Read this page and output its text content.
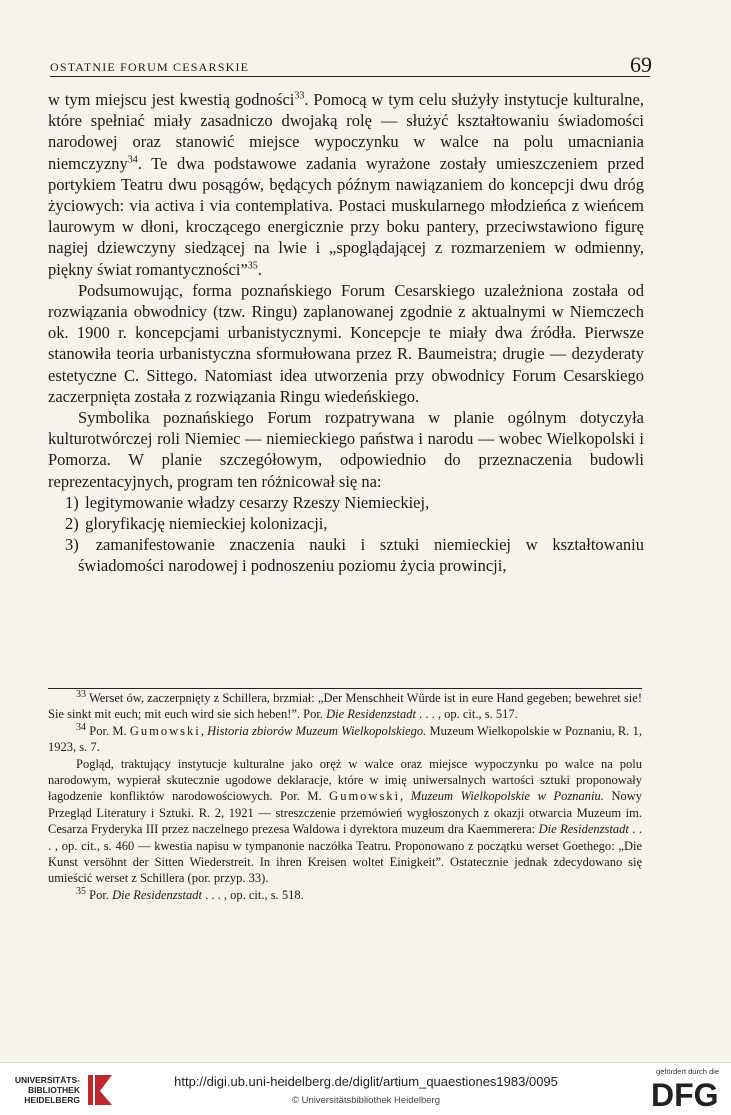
OSTATNIE FORUM CESARSKIE	69

w tym miejscu jest kwestią godności$^{33}$. Pomocą w tym celu służyły instytucje kulturalne, które spełniać miały zasadniczo dwojaką rolę — służyć kształtowaniu świadomości narodowej oraz stanowić miejsce wypoczynku w walce na polu umacniania niemczyzny$^{34}$. Te dwa podstawowe zadania wyrażone zostały umieszczeniem przed portykiem Teatru dwu posągów, będących późnym nawiązaniem do koncepcji dwu dróg życiowych: via activa i via contemplativa. Postaci muskularnego młodzieńca z wieńcem laurowym w dłoni, kroczącego energicznie przy boku pantery, przeciwstawiono figurę nagiej dziewczyny siedzącej na lwie i „spoglądającej z rozmarzeniem w odmienny, piękny świat romantyczności”$^{35}$.

Podsumowując, forma poznańskiego Forum Cesarskiego uzależniona została od rozwiązania obwodnicy (tzw. Ringu) zaplanowanej zgodnie z aktualnymi w Niemczech ok. 1900 r. koncepcjami urbanistycznymi. Koncepcje te miały dwa źródła. Pierwsze stanowiła teoria urbanistyczna sformułowana przez R. Baumeistra; drugie — dezyderaty estetyczne C. Sittego. Natomiast idea utworzenia przy obwodnicy Forum Cesarskiego zaczerpnięta została z rozwiązania Ringu wiedeńskiego.

Symbolika poznańskiego Forum rozpatrywana w planie ogólnym dotyczyła kulturotwórczej roli Niemiec — niemieckiego państwa i narodu — wobec Wielkopolski i Pomorza. W planie szczegółowym, odpowiednio do przeznaczenia budowli reprezentacyjnych, program ten różnicował się na:

1) legitymowanie władzy cesarzy Rzeszy Niemieckiej,
2) gloryfikację niemieckiej kolonizacji,
3) zamanifestowanie znaczenia nauki i sztuki niemieckiej w kształtowaniu świadomości narodowej i podnoszeniu poziomu życia prowincji,

$^{33}$ Werset ów, zaczerpnięty z Schillera, brzmiał: „Der Menschheit Würde ist in eure Hand gegeben; bewehret sie! Sie sinkt mit euch; mit euch wird sie sich heben!”. Por. Die Residenzstadt . . . , op. cit., s. 517.

$^{34}$ Por. M. Gumowski, Historia zbiorów Muzeum Wielkopolskiego. Muzeum Wielkopolskie w Poznaniu, R. 1, 1923, s. 7.

Pogląd, traktujący instytucje kulturalne jako oręż w walce oraz miejsce wypoczynku po walce na polu narodowym, wypierał skutecznie ugodowe deklaracje, które w imię uniwersalnych wartości sztuki proponowały łagodzenie konfliktów narodowościowych. Por. M. Gumowski, Muzeum Wielkopolskie w Poznaniu. Nowy Przegląd Literatury i Sztuki. R. 2, 1921 — streszczenie przemówień wygłoszonych z okazji otwarcia Muzeum im. Cesarza Fryderyka III przez naczelnego prezesa Waldowa i dyrektora muzeum dra Kaemmerera: Die Residenzstadt . . . , op. cit., s. 460 — kwestia napisu w tympanonie naczółka Teatru. Proponowano z początku werset Goethego: „Die Kunst versöhnt der Sitten Wiederstreit. In ihren Kreisen woltet Einigkeit”. Ostatecznie jednak zdecydowano się umieścić werset z Schillera (por. przyp. 33).

$^{35}$ Por. Die Residenzstadt . . . , op. cit., s. 518.

UNIVERSITÄTS-BIBLIOTHEK HEIDELBERG
http://digi.ub.uni-heidelberg.de/diglit/artium_quaestiones1983/0095
© Universitätsbibliothek Heidelberg
gefördert durch die
DFG
